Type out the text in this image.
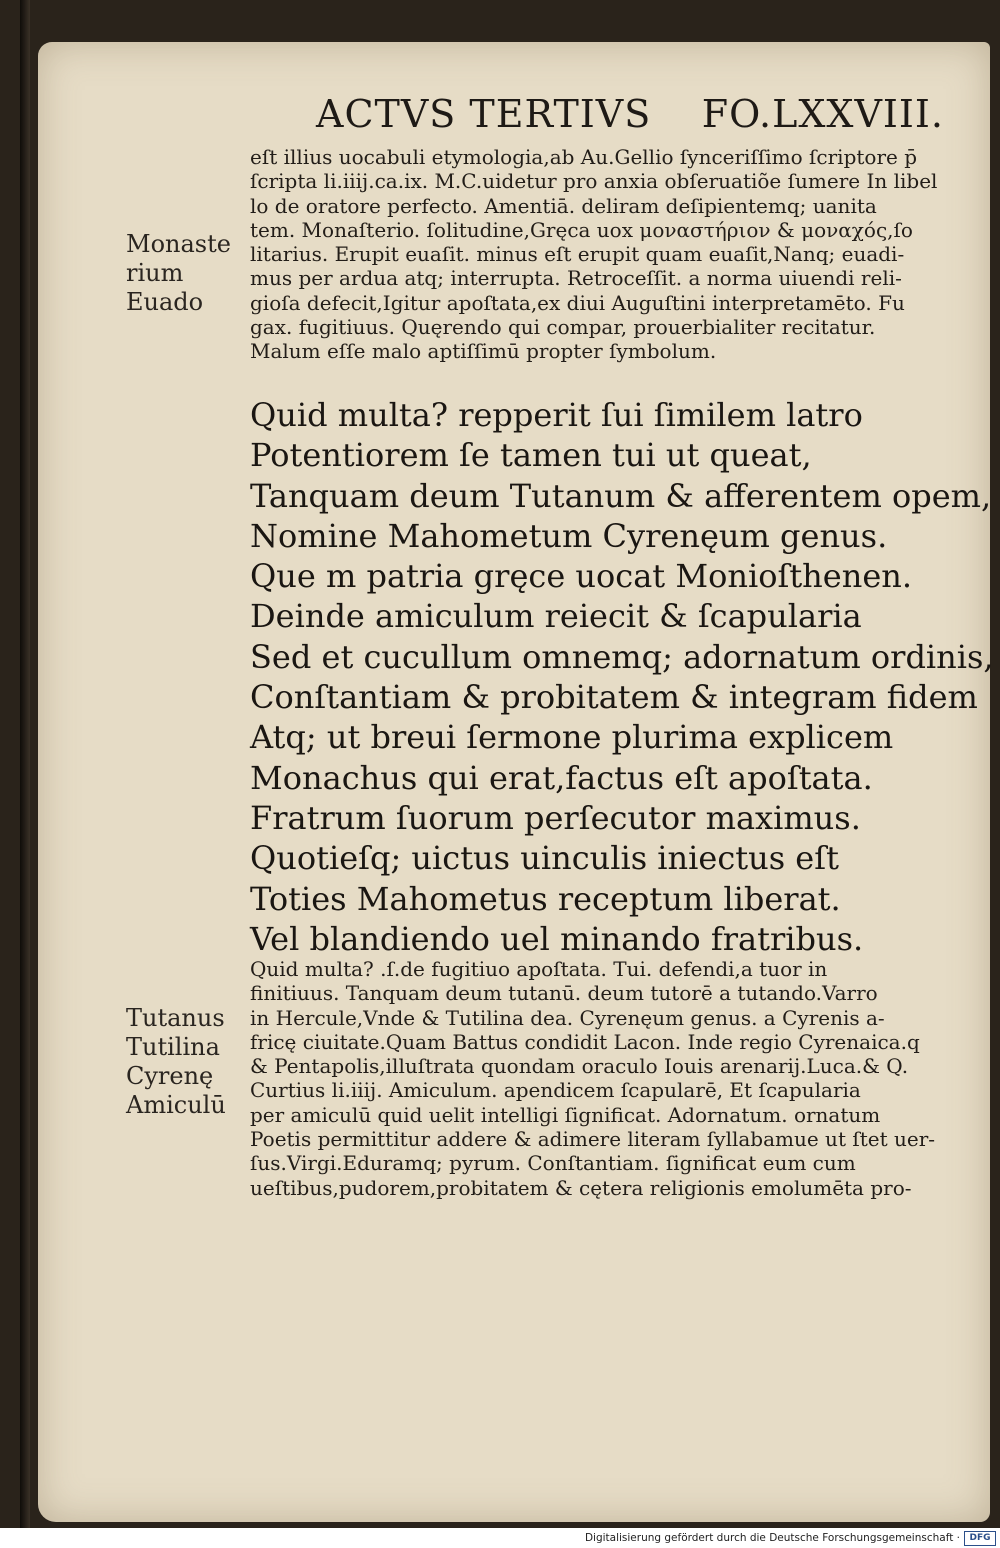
ACTVS TERTIVS FO.LXXVIII.
Monaste
rium
Euado
eſt illius uocabuli etymologia,ab Au.Gellio ſynceriſſimo ſcriptore p̄
ſcripta li.iiij.ca.ix. M.C.uidetur pro anxia obſeruatiõe ſumere In libel
lo de oratore perfecto. Amentiā. deliram deſipientemq; uanita
tem. Monaſterio. ſolitudine,Gręca uox μοναστήριον & μοναχός,ſo
litarius. Erupit euaſit. minus eſt erupit quam euaſit,Nanq; euadi-
mus per ardua atq; interrupta. Retroceſſit. a norma uiuendi reli-
gioſa defecit,Igitur apoſtata,ex diui Auguſtini interpretamēto. Fu
gax. fugitiuus. Quęrendo qui compar, prouerbialiter recitatur.
Malum eſſe malo aptiſſimū propter ſymbolum.
Quid multa? repperit ſui ſimilem latro
Potentiorem ſe tamen tui ut queat,
Tanquam deum Tutanum & afferentem opem,
Nomine Mahometum Cyrenęum genus.
Que m patria gręce uocat Monioſthenen.
Deinde amiculum reiecit & ſcapularia
Sed et cucullum omnemq; adornatum ordinis,
Conſtantiam & probitatem & integram fidem
Atq; ut breui ſermone plurima explicem
Monachus qui erat,factus eſt apoſtata.
Fratrum ſuorum perſecutor maximus.
Quotieſq; uictus uinculis iniectus eſt
Toties Mahometus receptum liberat.
Vel blandiendo uel minando fratribus.
Tutanus
Tutilina
Cyrenę
Amiculū
Quid multa? .ſ.de fugitiuo apoſtata. Tui. defendi,a tuor in
finitiuus. Tanquam deum tutanū. deum tutorē a tutando.Varro
in Hercule,Vnde & Tutilina dea. Cyrenęum genus. a Cyrenis a-
fricę ciuitate.Quam Battus condidit Lacon. Inde regio Cyrenaica.q
& Pentapolis,illuſtrata quondam oraculo Iouis arenarij.Luca.& Q.
Curtius li.iiij. Amiculum. apendicem ſcapularē, Et ſcapularia
per amiculū quid uelit intelligi ſignificat. Adornatum. ornatum
Poetis permittitur addere & adimere literam ſyllabamue ut ſtet uer-
ſus.Virgi.Eduramq; pyrum. Conſtantiam. ſignificat eum cum
ueſtibus,pudorem,probitatem & cętera religionis emolumēta pro-
Digitalisierung gefördert durch die Deutsche Forschungsgemeinschaft ·	DFG
